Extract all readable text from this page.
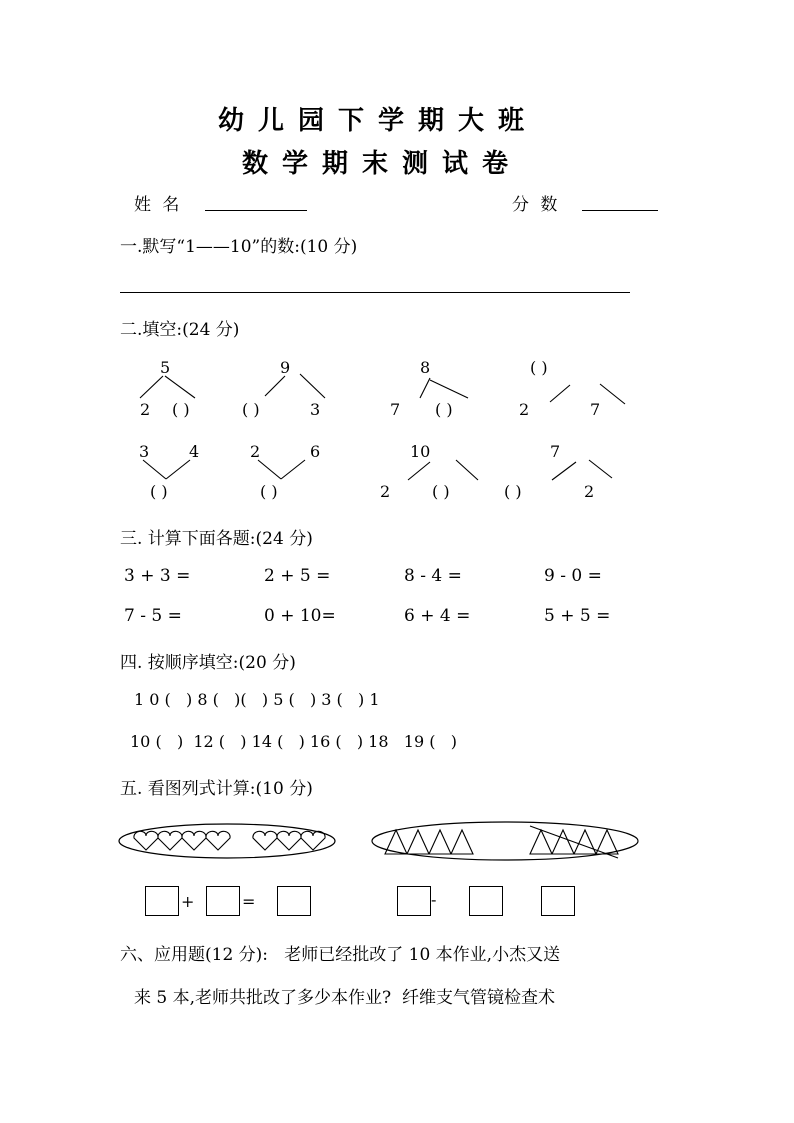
幼儿园下学期大班
数学期末测试卷
姓 名	分 数
一.默写“1——10”的数:(10 分)
二.填空:(24 分)
5
2 ( )
9
( )	3
8
7 ( )
( )
2	7
3 4
( )
2	6
( )
10
2	( )
7
( )	2
三. 计算下面各题:(24 分)
3 + 3 =	2 + 5 =	8 - 4 =	9 - 0 =
7 - 5 =	0 + 10=	6 + 4 =	5 + 5 =
四. 按顺序填空:(20 分)
1 0 (   ) 8 (   )(   ) 5 (   ) 3 (   ) 1
10 (   )  12 (   ) 14 (   ) 16 (   ) 18   19 (   )
五. 看图列式计算:(10 分)
+	=	-
六、应用题(12 分):   老师已经批改了 10 本作业,小杰又送
来 5 本,老师共批改了多少本作业?  纤维支气管镜检查术
